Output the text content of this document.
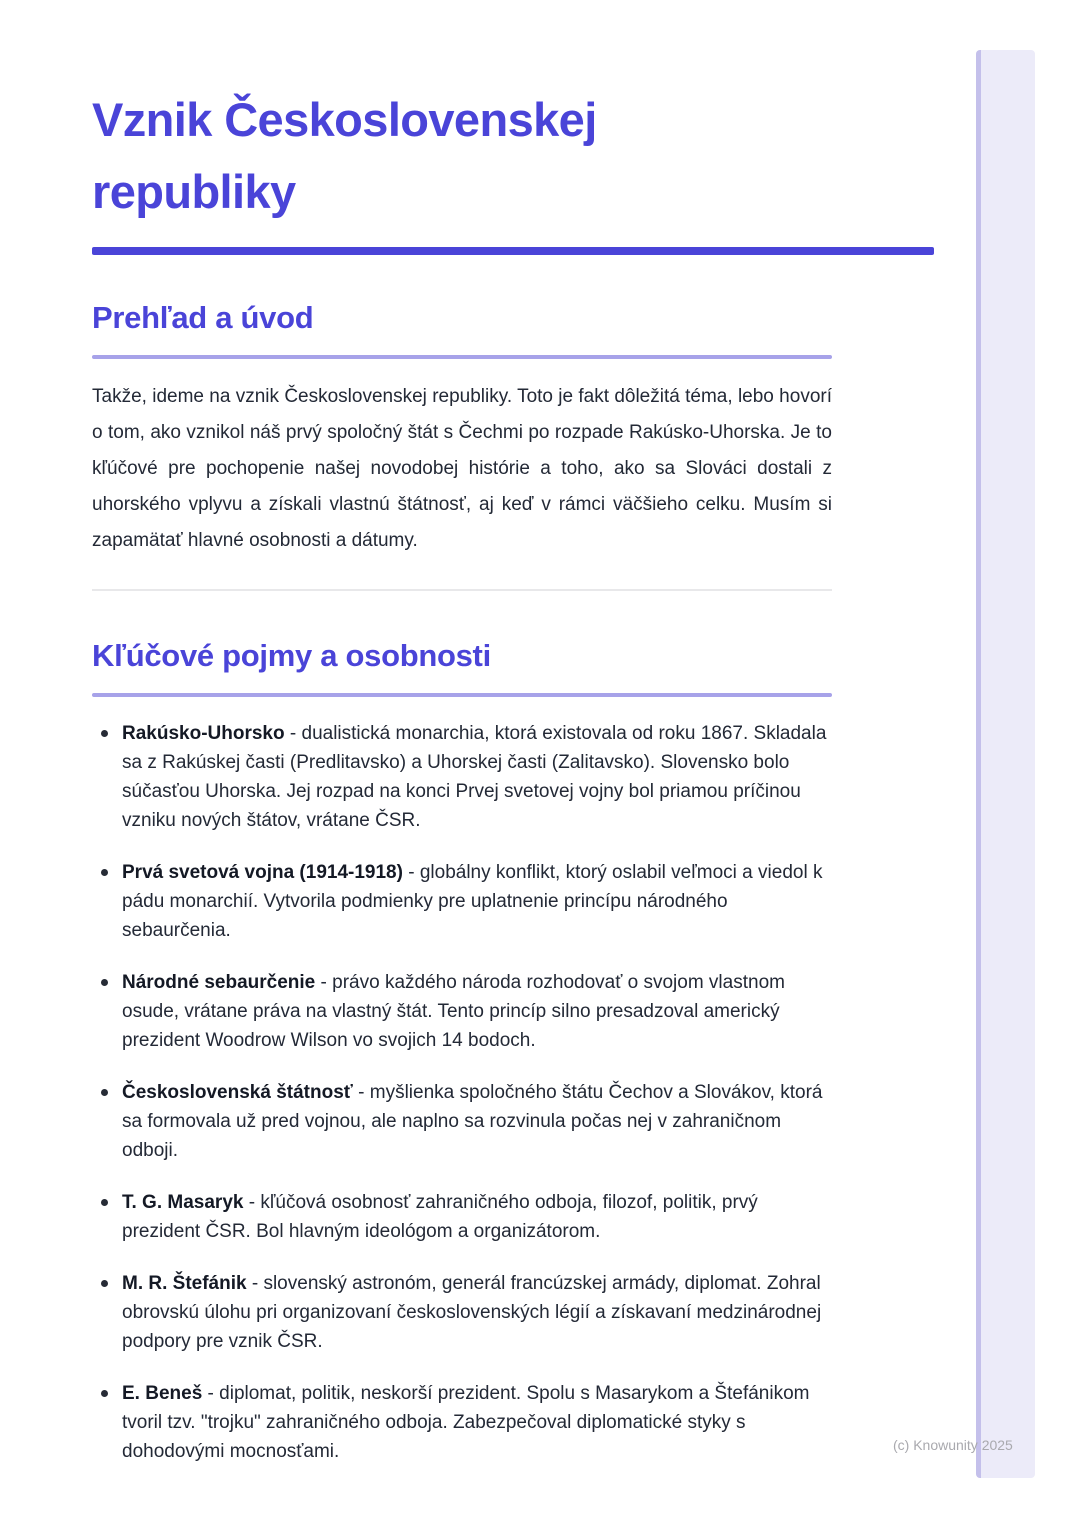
Vznik Československej republiky
Prehľad a úvod

Takže, ideme na vznik Československej republiky. Toto je fakt dôležitá téma, lebo hovorí o tom, ako vznikol náš prvý spoločný štát s Čechmi po rozpade Rakúsko-Uhorska. Je to kľúčové pre pochopenie našej novodobej histórie a toho, ako sa Slováci dostali z uhorského vplyvu a získali vlastnú štátnosť, aj keď v rámci väčšieho celku. Musím si zapamätať hlavné osobnosti a dátumy.

Kľúčové pojmy a osobnosti
Rakúsko-Uhorsko - dualistická monarchia, ktorá existovala od roku 1867. Skladala sa z Rakúskej časti (Predlitavsko) a Uhorskej časti (Zalitavsko). Slovensko bolo súčasťou Uhorska. Jej rozpad na konci Prvej svetovej vojny bol priamou príčinou vzniku nových štátov, vrátane ČSR.
Prvá svetová vojna (1914-1918) - globálny konflikt, ktorý oslabil veľmoci a viedol k pádu monarchií. Vytvorila podmienky pre uplatnenie princípu národného sebaurčenia.
Národné sebaurčenie - právo každého národa rozhodovať o svojom vlastnom osude, vrátane práva na vlastný štát. Tento princíp silno presadzoval americký prezident Woodrow Wilson vo svojich 14 bodoch.
Československá štátnosť - myšlienka spoločného štátu Čechov a Slovákov, ktorá sa formovala už pred vojnou, ale naplno sa rozvinula počas nej v zahraničnom odboji.
T. G. Masaryk - kľúčová osobnosť zahraničného odboja, filozof, politik, prvý prezident ČSR. Bol hlavným ideológom a organizátorom.
M. R. Štefánik - slovenský astronóm, generál francúzskej armády, diplomat. Zohral obrovskú úlohu pri organizovaní československých légií a získavaní medzinárodnej podpory pre vznik ČSR.
E. Beneš - diplomat, politik, neskorší prezident. Spolu s Masarykom a Štefánikom tvoril tzv. "trojku" zahraničného odboja. Zabezpečoval diplomatické styky s dohodovými mocnosťami.	(c) Knowunity 2025
